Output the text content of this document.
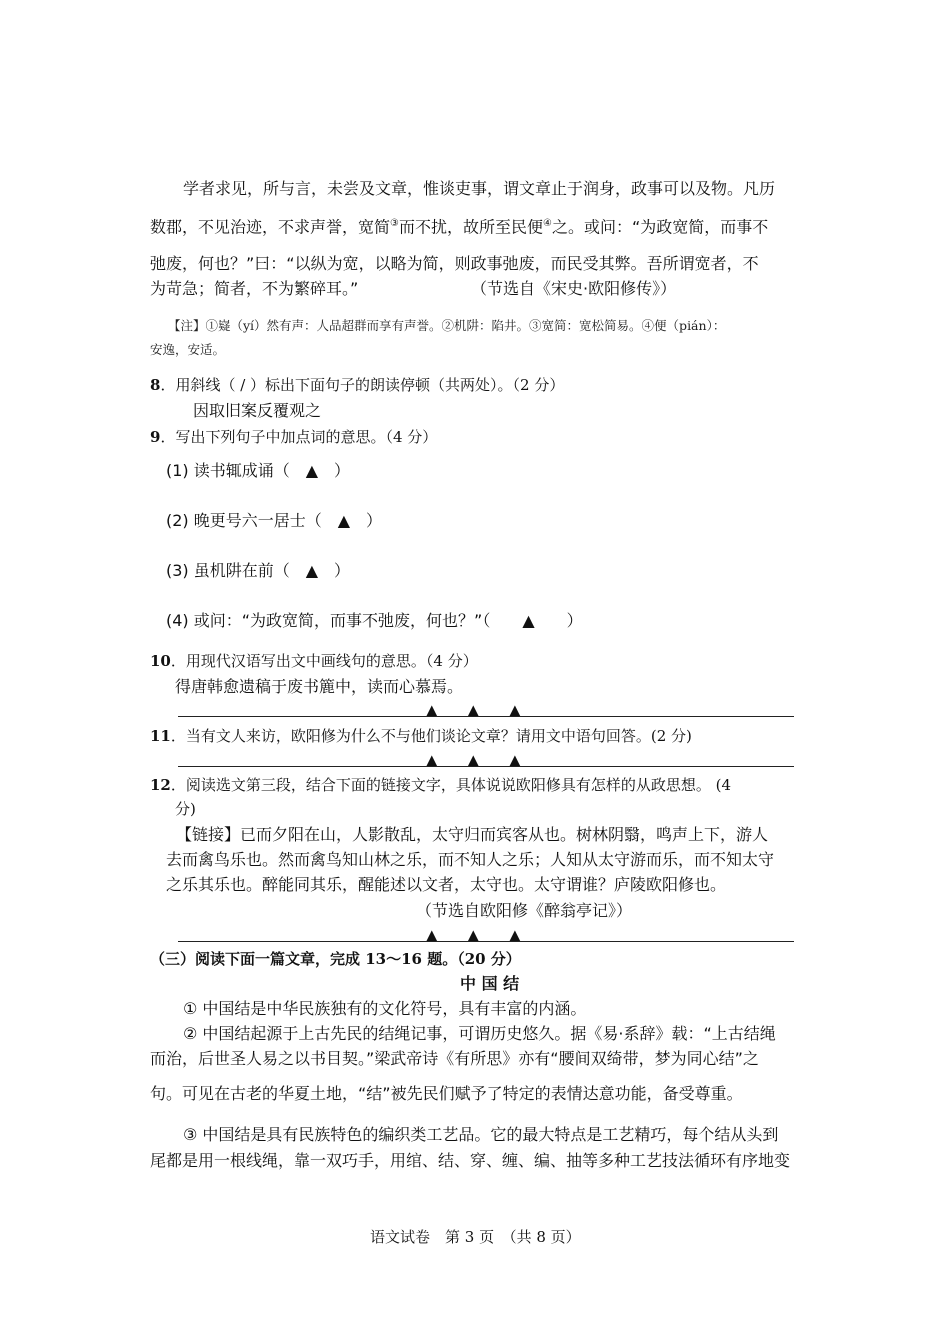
学者求见，所与言，未尝及文章，惟谈吏事，谓文章止于润身，政事可以及物。凡历
数郡，不见治迹，不求声誉，宽简③而不扰，故所至民便④之。或问：“为政宽简，而事不
弛废，何也？”曰：“以纵为宽，以略为简，则政事弛废，而民受其弊。吾所谓宽者，不
为苛急；简者，不为繁碎耳。”	（节选自《宋史·欧阳修传》）
【注】①嶷（yí）然有声：人品超群而享有声誉。②机阱：陷井。③宽简：宽松简易。④便（pián）：
安逸，安适。
8．用斜线（ / ）标出下面句子的朗读停顿（共两处）。（2 分）
因取旧案反覆观之
9．写出下列句子中加点词的意思。（4 分）
(1) 读书辄成诵（　▲　）
(2) 晚更号六一居士（　▲　）
(3) 虽机阱在前（　▲　）
(4) 或问：“为政宽简，而事不弛废，何也？”（　　▲　　）
10．用现代汉语写出文中画线句的意思。（4 分）
得唐韩愈遗稿于废书簏中，读而心慕焉。
▲　　▲　　▲
11．当有文人来访，欧阳修为什么不与他们谈论文章？请用文中语句回答。(2 分)
▲　　▲　　▲
12．阅读选文第三段，结合下面的链接文字，具体说说欧阳修具有怎样的从政思想。 (4
分)
【链接】已而夕阳在山，人影散乱，太守归而宾客从也。树林阴翳，鸣声上下，游人
去而禽鸟乐也。然而禽鸟知山林之乐，而不知人之乐；人知从太守游而乐，而不知太守
之乐其乐也。醉能同其乐，醒能述以文者，太守也。太守谓谁？庐陵欧阳修也。
（节选自欧阳修《醉翁亭记》）
▲　　▲　　▲
（三）阅读下面一篇文章，完成 13～16 题。（20 分）
中 国 结
① 中国结是中华民族独有的文化符号，具有丰富的内涵。
② 中国结起源于上古先民的结绳记事，可谓历史悠久。据《易·系辞》载：“上古结绳
而治，后世圣人易之以书目契。”梁武帝诗《有所思》亦有“腰间双绮带，梦为同心结”之
句。可见在古老的华夏土地，“结”被先民们赋予了特定的表情达意功能，备受尊重。
③ 中国结是具有民族特色的编织类工艺品。它的最大特点是工艺精巧，每个结从头到
尾都是用一根线绳，靠一双巧手，用绾、结、穿、缠、编、抽等多种工艺技法循环有序地变
语文试卷　第 3 页　（共 8 页）
